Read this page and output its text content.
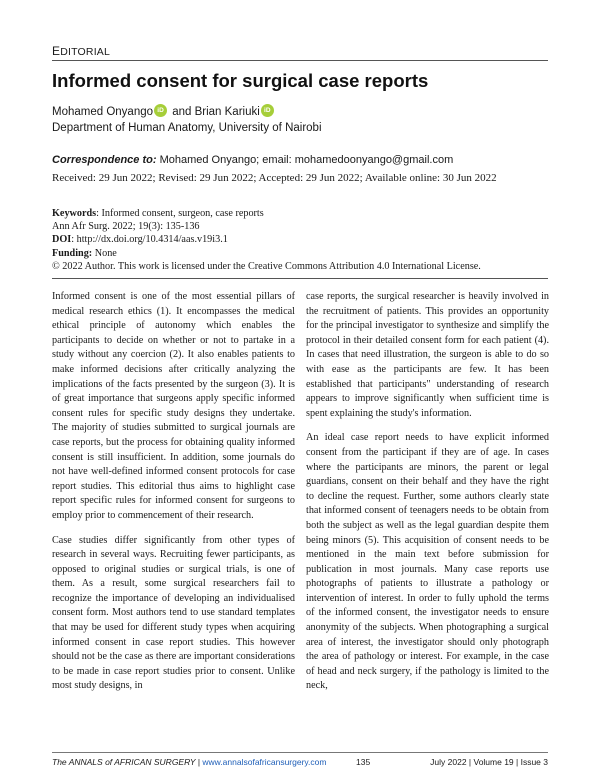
EDITORIAL
Informed consent for surgical case reports
Mohamed Onyango iD and Brian Kariuki iD
Department of Human Anatomy, University of Nairobi
Correspondence to: Mohamed Onyango; email: mohamedoonyango@gmail.com
Received: 29 Jun 2022; Revised: 29 Jun 2022; Accepted: 29 Jun 2022; Available online: 30 Jun 2022
Keywords: Informed consent, surgeon, case reports
Ann Afr Surg. 2022; 19(3): 135-136
DOI: http://dx.doi.org/10.4314/aas.v19i3.1
Funding: None
© 2022 Author. This work is licensed under the Creative Commons Attribution 4.0 International License.

Informed consent is one of the most essential pillars of medical research ethics (1). It encompasses the medical ethical principle of autonomy which enables the participants to decide on whether or not to partake in a study without any coercion (2). It also enables patients to make informed decisions after critically analyzing the implications of the facts presented by the surgeon (3). It is of great importance that surgeons apply specific informed consent rules for specific study designs they undertake. The majority of studies submitted to surgical journals are case reports, but the process for obtaining quality informed consent is still insufficient. In addition, some journals do not have well-defined informed consent protocols for case report studies. This editorial thus aims to highlight case report specific rules for informed consent for surgeons to employ prior to commencement of their research.

Case studies differ significantly from other types of research in several ways. Recruiting fewer participants, as opposed to original studies or surgical trials, is one of them. As a result, some surgical researchers fail to recognize the importance of developing an individualised consent form. Most authors tend to use standard templates that may be used for different study types when acquiring informed consent in case report studies. This however should not be the case as there are important considerations to be made in case report studies prior to consent. Unlike most study designs, in

case reports, the surgical researcher is heavily involved in the recruitment of patients. This provides an opportunity for the principal investigator to synthesize and simplify the protocol in their detailed consent form for each patient (4). In cases that need illustration, the surgeon is able to do so with ease as the participants are few. It has been established that participants" understanding of research appears to improve significantly when sufficient time is spent explaining the study's information.

An ideal case report needs to have explicit informed consent from the participant if they are of age. In cases where the participants are minors, the parent or legal guardians, consent on their behalf and they have the right to decline the request. Further, some authors clearly state that informed consent of teenagers needs to be obtain from both the subject as well as the legal guardian despite them being minors (5). This acquisition of consent needs to be mentioned in the main text before submission for publication in most journals. Many case reports use photographs of patients to illustrate a pathology or intervention of interest. In order to fully uphold the terms of the informed consent, the investigator needs to ensure anonymity of the subjects. When photographing a surgical area of interest, the investigator should only photograph the area of pathology or interest. For example, in the case of head and neck surgery, if the pathology is limited to the neck,

The ANNALS of AFRICAN SURGERY | www.annalsofafricansurgery.com	135	July 2022 | Volume 19 | Issue 3
